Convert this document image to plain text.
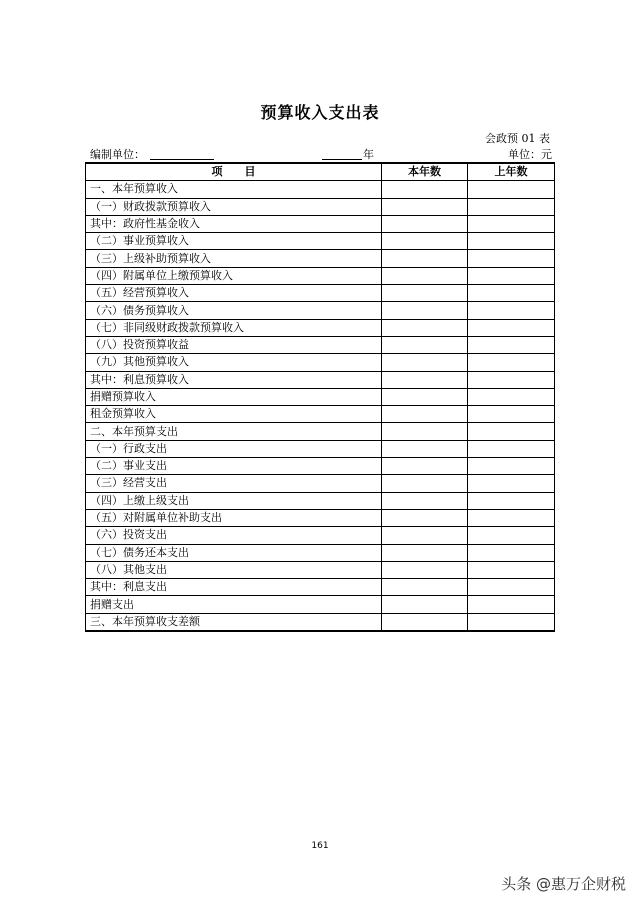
预算收入支出表
会政预 01 表
编制单位：	年	单位：元
项　　目	本年数	上年数
一、本年预算收入		
（一）财政拨款预算收入		
其中：政府性基金收入		
（二）事业预算收入		
（三）上级补助预算收入		
（四）附属单位上缴预算收入		
（五）经营预算收入		
（六）债务预算收入		
（七）非同级财政拨款预算收入		
（八）投资预算收益		
（九）其他预算收入		
其中：利息预算收入		
捐赠预算收入		
租金预算收入		
二、本年预算支出		
（一）行政支出		
（二）事业支出		
（三）经营支出		
（四）上缴上级支出		
（五）对附属单位补助支出		
（六）投资支出		
（七）债务还本支出		
（八）其他支出		
其中：利息支出		
捐赠支出		
三、本年预算收支差额		
161
头条 @惠万企财税
